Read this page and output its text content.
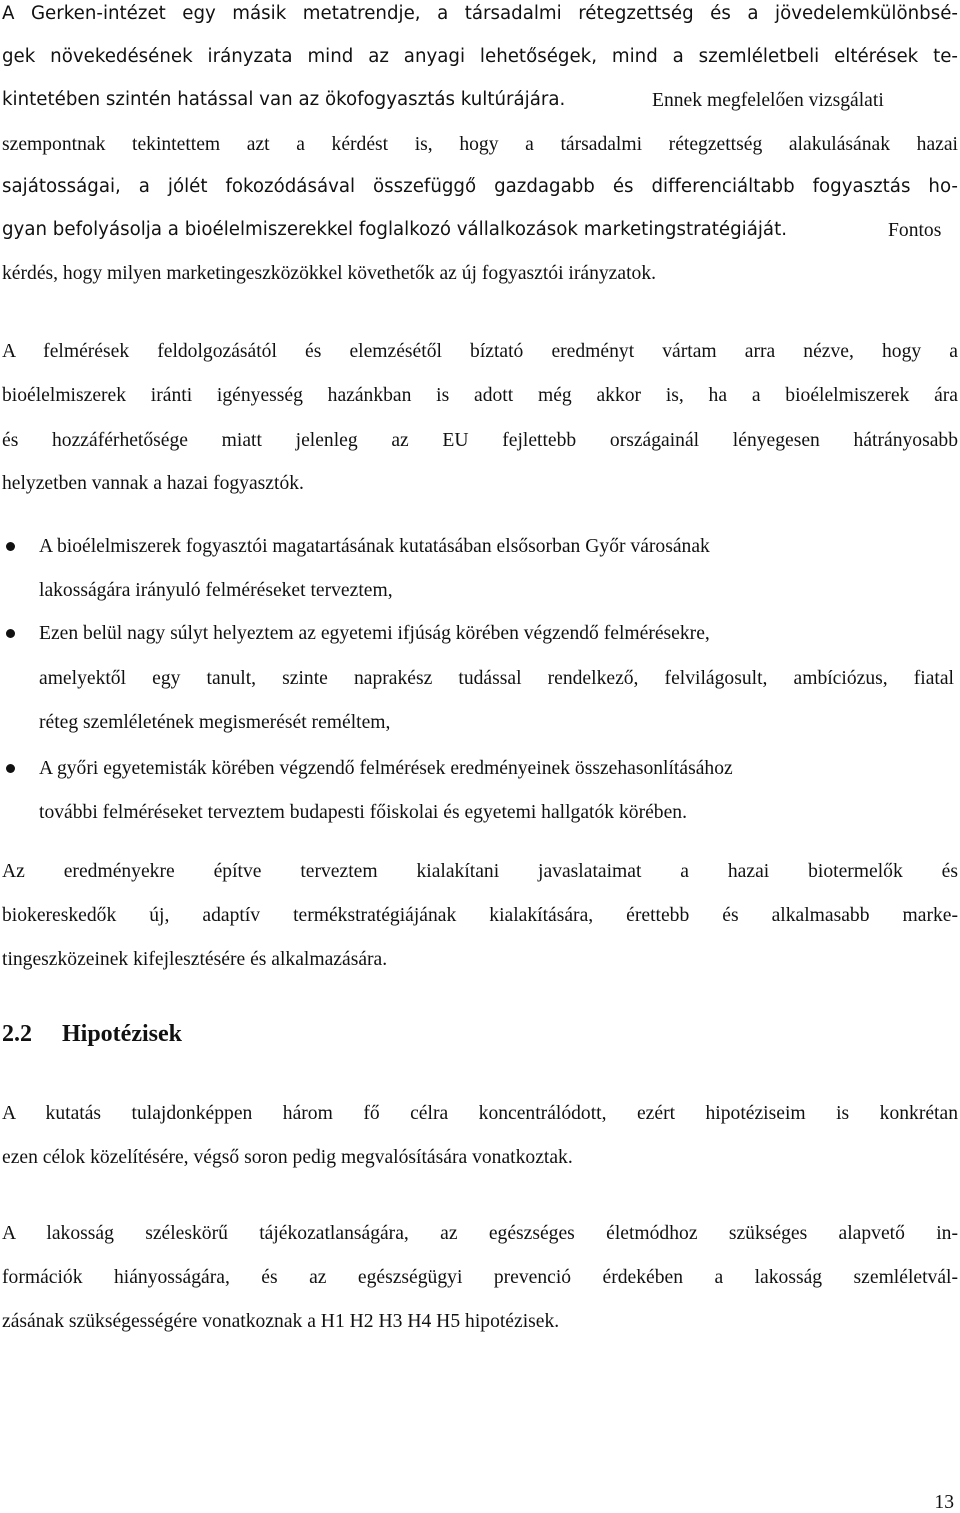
A Gerken-intézet egy másik metatrendje, a társadalmi rétegzettség és a jövedelemkülönbsé-
gek növekedésének irányzata mind az anyagi lehetőségek, mind a szemléletbeli eltérések te-
kintetében szintén hatással van az ökofogyasztás kultúrájára.	Ennek megfelelően vizsgálati
szempontnak tekintettem azt a kérdést is, hogy a társadalmi rétegzettség alakulásának hazai
sajátosságai, a jólét fokozódásával összefüggő gazdagabb és differenciáltabb fogyasztás ho-
gyan befolyásolja a bioélelmiszerekkel foglalkozó vállalkozások marketingstratégiáját.	Fontos
kérdés, hogy milyen marketingeszközökkel követhetők az új fogyasztói irányzatok.
A felmérések feldolgozásától és elemzésétől bíztató eredményt vártam arra nézve, hogy a
bioélelmiszerek iránti igényesség hazánkban is adott még akkor is, ha a bioélelmiszerek ára
és hozzáférhetősége miatt jelenleg az EU fejlettebb országainál lényegesen hátrányosabb
helyzetben vannak a hazai fogyasztók.
A bioélelmiszerek fogyasztói magatartásának kutatásában elsősorban Győr városának
lakosságára irányuló felméréseket terveztem,
Ezen belül nagy súlyt helyeztem az egyetemi ifjúság körében végzendő felmérésekre,
amelyektől egy tanult, szinte naprakész tudással rendelkező, felvilágosult, ambíciózus, fiatal
réteg szemléletének megismerését reméltem,
A győri egyetemisták körében végzendő felmérések eredményeinek összehasonlításához
további felméréseket terveztem budapesti főiskolai és egyetemi hallgatók körében.
Az eredményekre építve terveztem kialakítani javaslataimat a hazai biotermelők és
biokereskedők új, adaptív termékstratégiájának kialakítására, érettebb és alkalmasabb marke-
tingeszközeinek kifejlesztésére és alkalmazására.
2.2 Hipotézisek
A kutatás tulajdonképpen három fő célra koncentrálódott, ezért hipotéziseim is konkrétan
ezen célok közelítésére, végső soron pedig megvalósítására vonatkoztak.
A lakosság széleskörű tájékozatlanságára, az egészséges életmódhoz szükséges alapvető in-
formációk hiányosságára, és az egészségügyi prevenció érdekében a lakosság szemléletvál-
zásának szükségességére vonatkoznak a H1 H2 H3 H4 H5 hipotézisek.
13
